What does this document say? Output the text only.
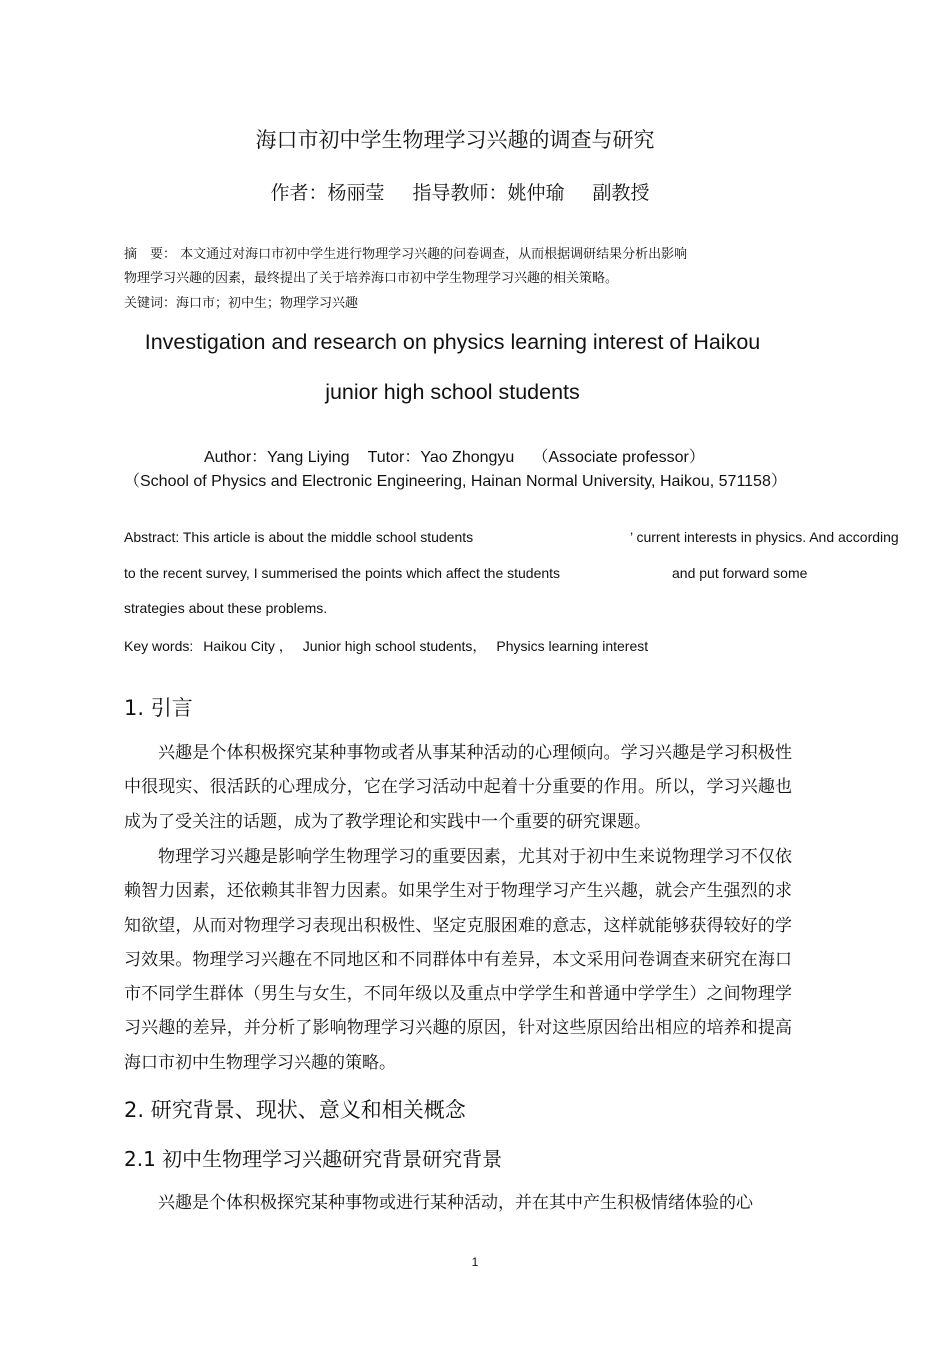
海口市初中学生物理学习兴趣的调查与研究
作者：杨丽莹 指导教师：姚仲瑜 副教授
摘　要： 本文通过对海口市初中学生进行物理学习兴趣的问卷调查，从而根据调研结果分析出影响
物理学习兴趣的因素，最终提出了关于培养海口市初中学生物理学习兴趣的相关策略。
关键词：海口市；初中生；物理学习兴趣
Investigation and research on physics learning interest of Haikou
junior high school students
Author：Yang Liying Tutor：Yao Zhongyu （Associate professor）
（School of Physics and Electronic Engineering, Hainan Normal University, Haikou, 571158）
Abstract: This article is about the middle school students	’ current interests in physics. And according
to the recent survey, I summerised the points which affect the students	and put forward some
strategies about these problems.
Key words: Haikou City ， Junior high school students， Physics learning interest
1. 引言

兴趣是个体积极探究某种事物或者从事某种活动的心理倾向。学习兴趣是学习积极性中很现实、很活跃的心理成分，它在学习活动中起着十分重要的作用。所以，学习兴趣也成为了受关注的话题，成为了教学理论和实践中一个重要的研究课题。

物理学习兴趣是影响学生物理学习的重要因素，尤其对于初中生来说物理学习不仅依赖智力因素，还依赖其非智力因素。如果学生对于物理学习产生兴趣，就会产生强烈的求知欲望，从而对物理学习表现出积极性、坚定克服困难的意志，这样就能够获得较好的学习效果。物理学习兴趣在不同地区和不同群体中有差异，本文采用问卷调查来研究在海口市不同学生群体（男生与女生，不同年级以及重点中学学生和普通中学学生）之间物理学习兴趣的差异，并分析了影响物理学习兴趣的原因，针对这些原因给出相应的培养和提高海口市初中生物理学习兴趣的策略。

2. 研究背景、现状、意义和相关概念
2.1 初中生物理学习兴趣研究背景研究背景

兴趣是个体积极探究某种事物或进行某种活动，并在其中产生积极情绪体验的心

1
